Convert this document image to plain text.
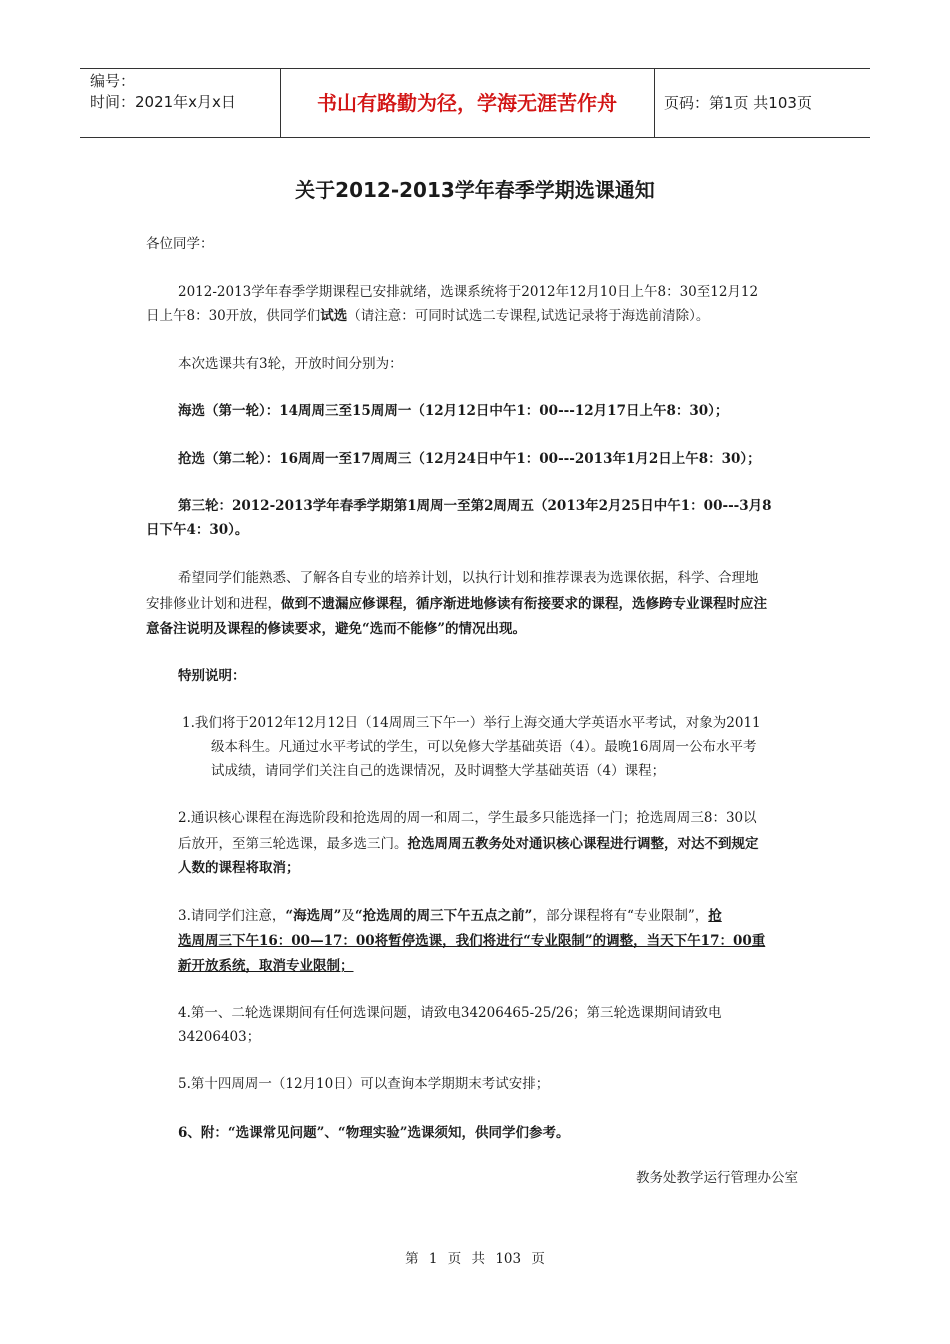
编号：
时间：2021年x月x日	书山有路勤为径，学海无涯苦作舟	页码：第1页 共103页
关于2012-2013学年春季学期选课通知
各位同学：
2012-2013学年春季学期课程已安排就绪，选课系统将于2012年12月10日上午8：30至12月12
日上午8：30开放，供同学们试选（请注意：可同时试选二专课程,试选记录将于海选前清除）。
本次选课共有3轮，开放时间分别为：
海选（第一轮）：14周周三至15周周一（12月12日中午1：00---12月17日上午8：30）；
抢选（第二轮）：16周周一至17周周三（12月24日中午1：00---2013年1月2日上午8：30）；
第三轮：2012-2013学年春季学期第1周周一至第2周周五（2013年2月25日中午1：00---3月8
日下午4：30）。
希望同学们能熟悉、了解各自专业的培养计划，以执行计划和推荐课表为选课依据，科学、合理地
安排修业计划和进程，做到不遗漏应修课程，循序渐进地修读有衔接要求的课程，选修跨专业课程时应注
意备注说明及课程的修读要求，避免“选而不能修”的情况出现。
特别说明：
1.我们将于2012年12月12日（14周周三下午一）举行上海交通大学英语水平考试，对象为2011
级本科生。凡通过水平考试的学生，可以免修大学基础英语（4）。最晚16周周一公布水平考
试成绩，请同学们关注自己的选课情况，及时调整大学基础英语（4）课程；
2.通识核心课程在海选阶段和抢选周的周一和周二，学生最多只能选择一门；抢选周周三8：30以
后放开，至第三轮选课，最多选三门。抢选周周五教务处对通识核心课程进行调整，对达不到规定
人数的课程将取消；
3.请同学们注意，“海选周”及“抢选周的周三下午五点之前”，部分课程将有“专业限制”，抢
选周周三下午16：00—17：00将暂停选课，我们将进行“专业限制”的调整，当天下午17：00重
新开放系统，取消专业限制；
4.第一、二轮选课期间有任何选课问题，请致电34206465-25/26；第三轮选课期间请致电
34206403；
5.第十四周周一（12月10日）可以查询本学期期末考试安排；
6、附：“选课常见问题”、“物理实验”选课须知，供同学们参考。
教务处教学运行管理办公室
第 1 页 共 103 页
